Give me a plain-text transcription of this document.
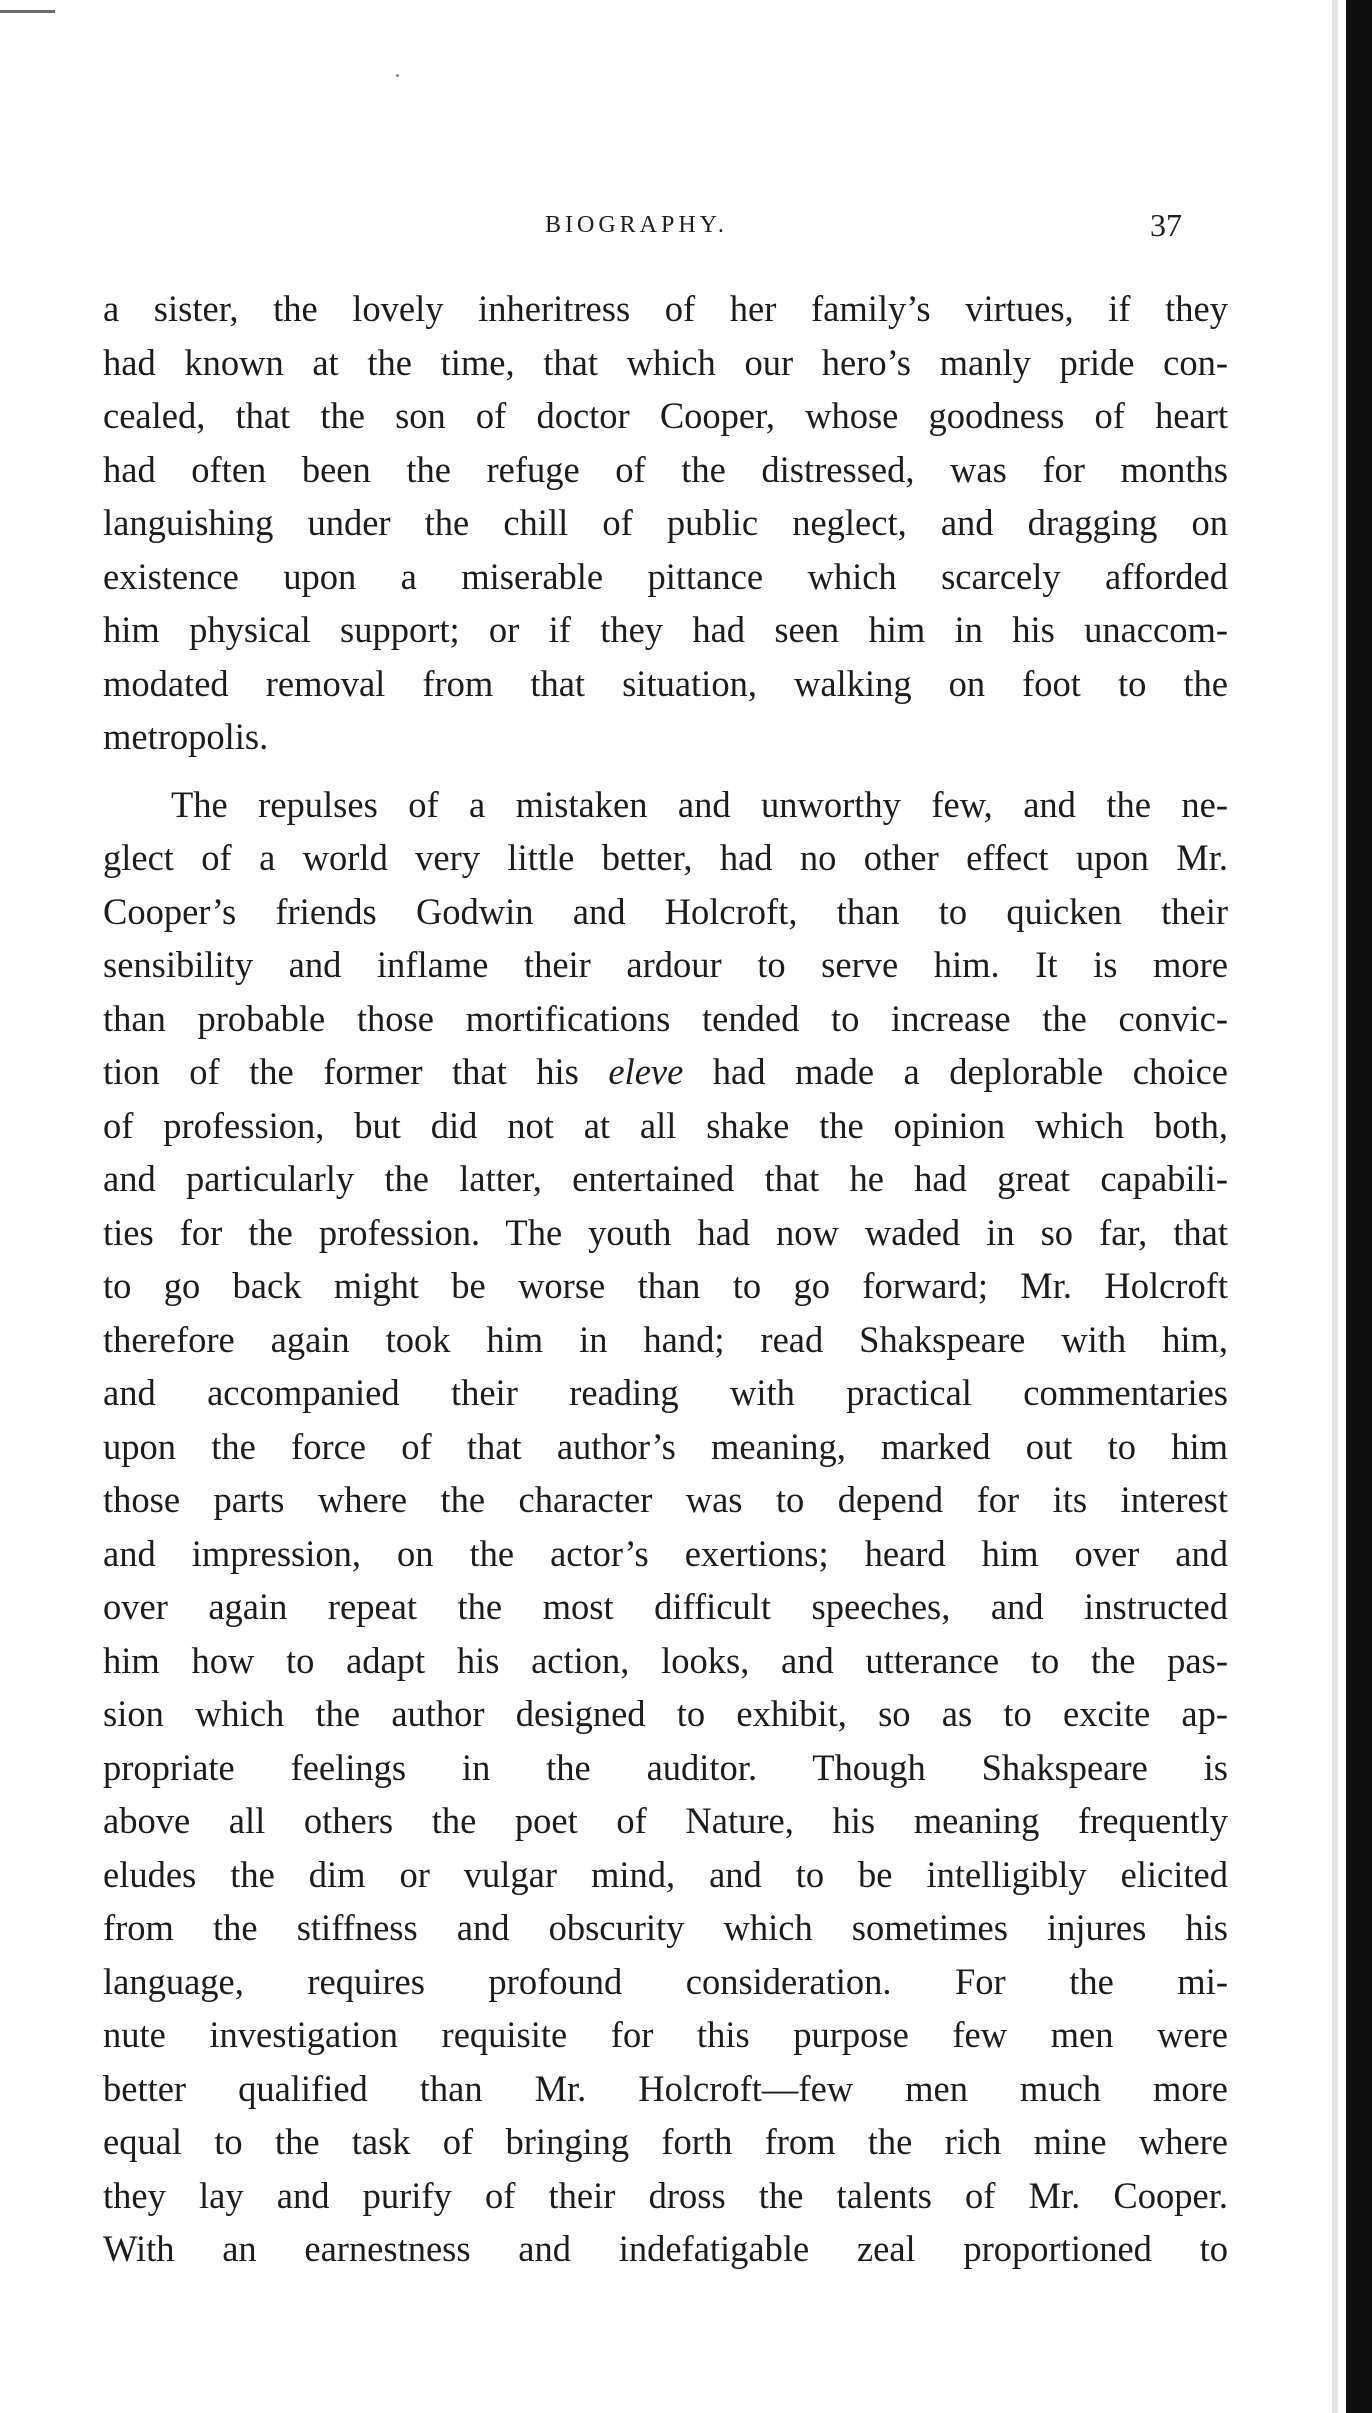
BIOGRAPHY.	37
a sister, the lovely inheritress of her family’s virtues, if they
had known at the time, that which our hero’s manly pride con-
cealed, that the son of doctor Cooper, whose goodness of heart
had often been the refuge of the distressed, was for months
languishing under the chill of public neglect, and dragging on
existence upon a miserable pittance which scarcely afforded
him physical support; or if they had seen him in his unaccom-
modated removal from that situation, walking on foot to the
metropolis.
The repulses of a mistaken and unworthy few, and the ne-
glect of a world very little better, had no other effect upon Mr.
Cooper’s friends Godwin and Holcroft, than to quicken their
sensibility and inflame their ardour to serve him. It is more
than probable those mortifications tended to increase the convic-
tion of the former that his eleve had made a deplorable choice
of profession, but did not at all shake the opinion which both,
and particularly the latter, entertained that he had great capabili-
ties for the profession. The youth had now waded in so far, that
to go back might be worse than to go forward; Mr. Holcroft
therefore again took him in hand; read Shakspeare with him,
and accompanied their reading with practical commentaries
upon the force of that author’s meaning, marked out to him
those parts where the character was to depend for its interest
and impression, on the actor’s exertions; heard him over and
over again repeat the most difficult speeches, and instructed
him how to adapt his action, looks, and utterance to the pas-
sion which the author designed to exhibit, so as to excite ap-
propriate feelings in the auditor. Though Shakspeare is
above all others the poet of Nature, his meaning frequently
eludes the dim or vulgar mind, and to be intelligibly elicited
from the stiffness and obscurity which sometimes injures his
language, requires profound consideration. For the mi-
nute investigation requisite for this purpose few men were
better qualified than Mr. Holcroft—few men much more
equal to the task of bringing forth from the rich mine where
they lay and purify of their dross the talents of Mr. Cooper.
With an earnestness and indefatigable zeal proportioned to
